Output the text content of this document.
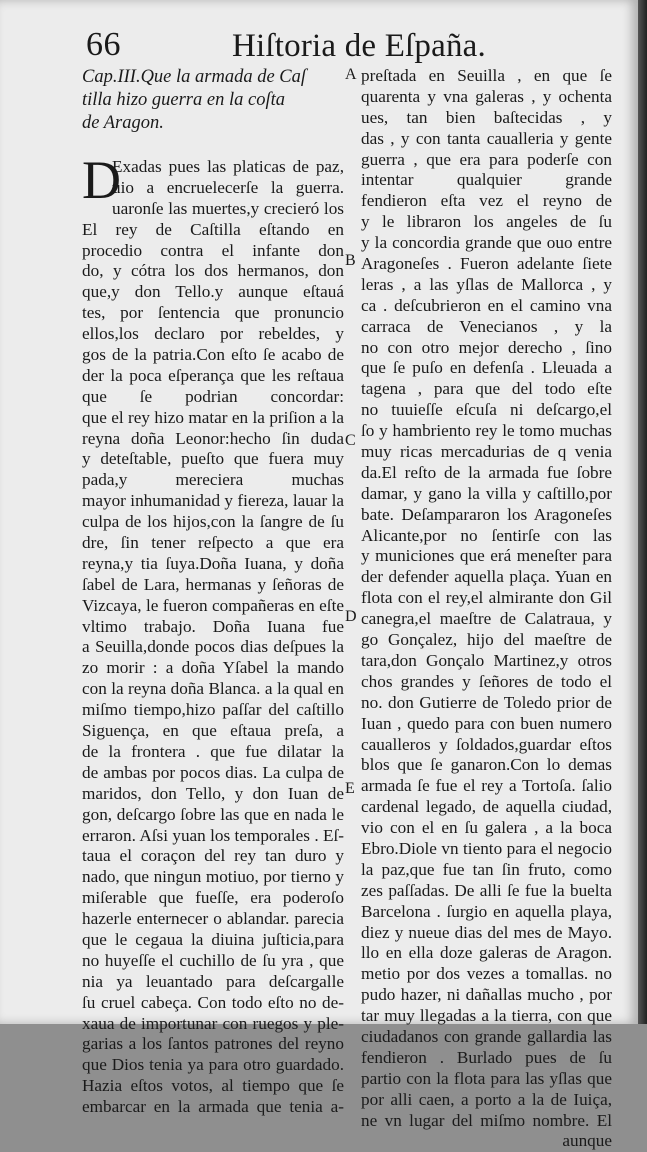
66	Hiſtoria de Eſpaña.
Cap.III.Que la armada de Caſ
tilla hizo guerra en la coſta
de Aragon.
D
Exadas pues las platicas de paz,
uio a encruelecerſe la guerra.
uaronſe las muertes,y crecieró los
El rey de Caſtilla eſtando en
procedio contra el infante don
do, y cótra los dos hermanos, don
que,y don Tello.y aunque eſtauá
tes, por ſentencia que pronuncio
ellos,los declaro por rebeldes, y
gos de la patria.Con eſto ſe acabo de
der la poca eſperança que les reſtaua
que ſe podrian concordar:
que el rey hizo matar en la priſion a la
reyna doña Leonor:hecho ſin duda
y deteſtable, pueſto que fuera muy
pada,y mereciera muchas
mayor inhumanidad y fiereza, lauar la
culpa de los hijos,con la ſangre de ſu
dre, ſin tener reſpecto a que era
reyna,y tia ſuya.Doña Iuana, y doña
ſabel de Lara, hermanas y ſeñoras de
Vizcaya, le fueron compañeras en eſte
vltimo trabajo. Doña Iuana fue
a Seuilla,donde pocos dias deſpues la
zo morir : a doña Yſabel la mando
con la reyna doña Blanca. a la qual en
miſmo tiempo,hizo paſſar del caſtillo
Siguença, en que eſtaua preſa, a
de la frontera . que fue dilatar la
de ambas por pocos dias. La culpa de
maridos, don Tello, y don Iuan de
gon, deſcargo ſobre las que en nada le
erraron. Aſsi yuan los temporales . Eſ-
taua el coraçon del rey tan duro y
nado, que ningun motiuo, por tierno y
miſerable que fueſſe, era poderoſo
hazerle enternecer o ablandar. parecia
que le cegaua la diuina juſticia,para
no huyeſſe el cuchillo de ſu yra , que
nia ya leuantado para deſcargalle
ſu cruel cabeça. Con todo eſto no de-
xaua de importunar con ruegos y ple-
garias a los ſantos patrones del reyno
que Dios tenia ya para otro guardado.
Hazia eſtos votos, al tiempo que ſe
embarcar en la armada que tenia a-
preſtada en Seuilla , en que ſe
quarenta y vna galeras , y ochenta
ues, tan bien baſtecidas , y
das , y con tanta caualleria y gente
guerra , que era para poderſe con
intentar qualquier grande
fendieron eſta vez el reyno de
y le libraron los angeles de ſu
y la concordia grande que ouo entre
Aragoneſes . Fueron adelante ſiete
leras , a las yſlas de Mallorca , y
ca . deſcubrieron en el camino vna
carraca de Venecianos , y la
no con otro mejor derecho , ſino
que ſe puſo en defenſa . Lleuada a
tagena , para que del todo eſte
no tuuieſſe eſcuſa ni deſcargo,el
ſo y hambriento rey le tomo muchas
muy ricas mercadurias de q venia
da.El reſto de la armada fue ſobre
damar, y gano la villa y caſtillo,por
bate. Deſampararon los Aragoneſes
Alicante,por no ſentirſe con las
y municiones que erá meneſter para
der defender aquella plaça. Yuan en
flota con el rey,el almirante don Gil
canegra,el maeſtre de Calatraua, y
go Gonçalez, hijo del maeſtre de
tara,don Gonçalo Martinez,y otros
chos grandes y ſeñores de todo el
no. don Gutierre de Toledo prior de
Iuan , quedo para con buen numero
caualleros y ſoldados,guardar eſtos
blos que ſe ganaron.Con lo demas
armada ſe fue el rey a Tortoſa. ſalio
cardenal legado, de aquella ciudad,
vio con el en ſu galera , a la boca
Ebro.Diole vn tiento para el negocio
la paz,que fue tan ſin fruto, como
zes paſſadas. De alli ſe fue la buelta
Barcelona . ſurgio en aquella playa,
diez y nueue dias del mes de Mayo.
llo en ella doze galeras de Aragon.
metio por dos vezes a tomallas. no
pudo hazer, ni dañallas mucho , por
tar muy llegadas a la tierra, con que
ciudadanos con grande gallardia las
fendieron . Burlado pues de ſu
partio con la flota para las yſlas que
por alli caen, a porto a la de Iuiça,
ne vn lugar del miſmo nombre. El
aunque
A
B
C
D
E
